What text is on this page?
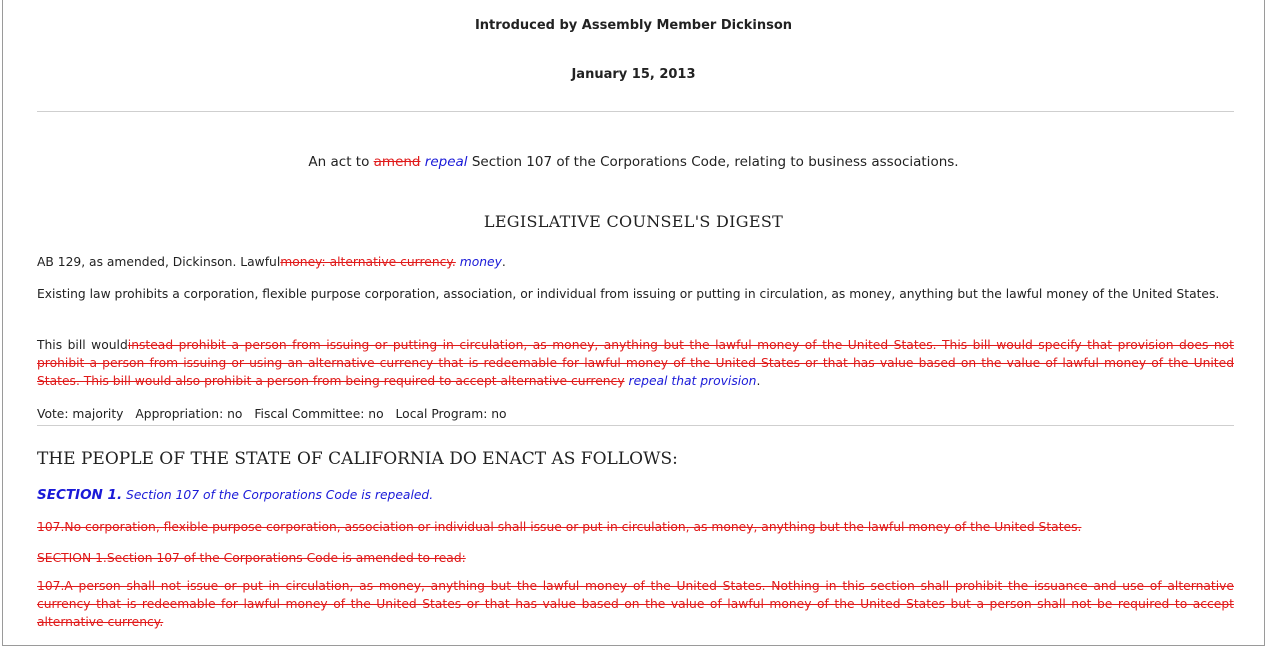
Introduced by Assembly Member Dickinson
January 15, 2013
An act to amend repeal Section 107 of the Corporations Code, relating to business associations.
LEGISLATIVE COUNSEL'S DIGEST
AB 129, as amended, Dickinson. Lawfulmoney: alternative currency. money.
Existing law prohibits a corporation, flexible purpose corporation, association, or individual from issuing or putting in circulation, as money, anything but the lawful money of the United States.
This bill wouldinstead prohibit a person from issuing or putting in circulation, as money, anything but the lawful money of the United States. This bill would specify that provision does not prohibit a person from issuing or using an alternative currency that is redeemable for lawful money of the United States or that has value based on the value of lawful money of the United States. This bill would also prohibit a person from being required to accept alternative currency repeal that provision.
Vote: majority Appropriation: no Fiscal Committee: no Local Program: no
THE PEOPLE OF THE STATE OF CALIFORNIA DO ENACT AS FOLLOWS:
SECTION 1. Section 107 of the Corporations Code is repealed.
107.No corporation, flexible purpose corporation, association or individual shall issue or put in circulation, as money, anything but the lawful money of the United States.
SECTION 1.Section 107 of the Corporations Code is amended to read:
107.A person shall not issue or put in circulation, as money, anything but the lawful money of the United States. Nothing in this section shall prohibit the issuance and use of alternative currency that is redeemable for lawful money of the United States or that has value based on the value of lawful money of the United States but a person shall not be required to accept alternative currency.
